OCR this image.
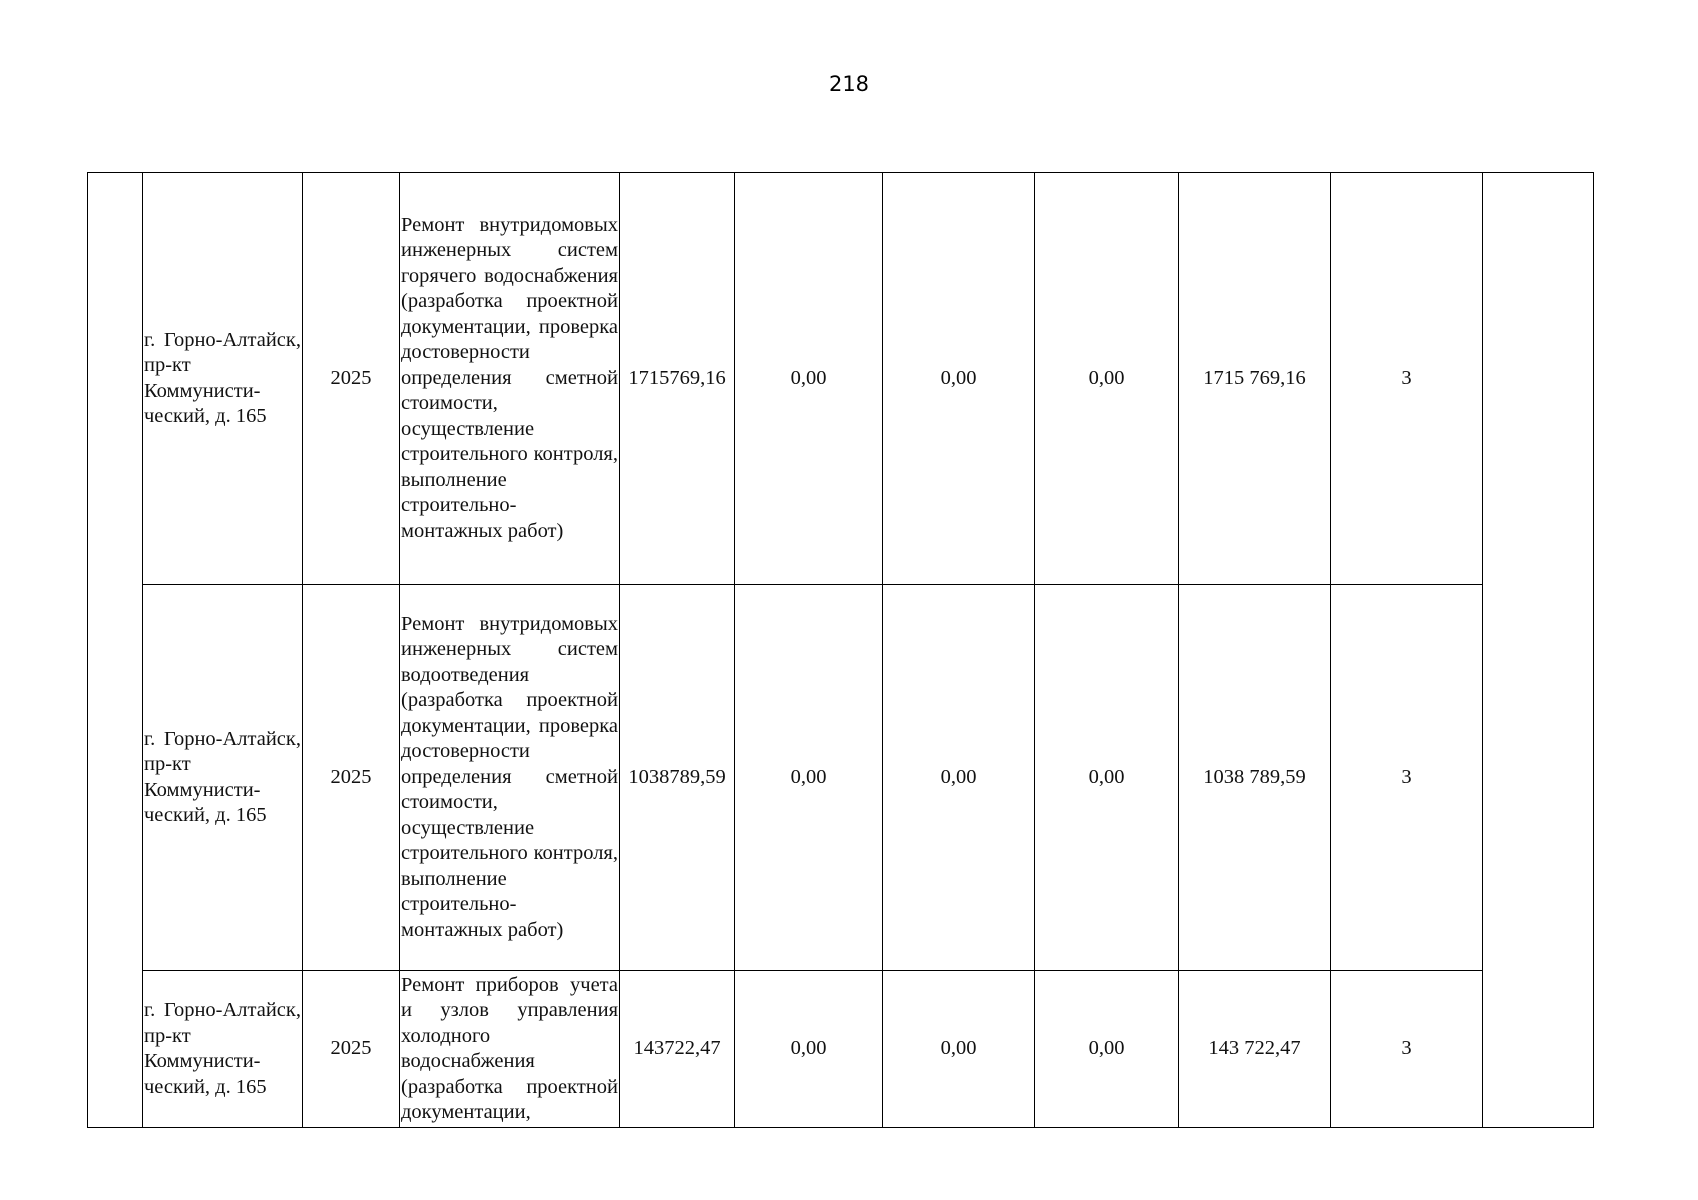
218
	г. Горно-Алтайск, пр-кт Коммунисти-ческий, д. 165	2025	Ремонт внутридомовых инженерных систем горячего водоснабжения (разработка проектной документации, проверка достоверности определения сметной стоимости, осуществление строительного контроля, выполнение строительно-монтажных работ)	1715769,16	0,00	0,00	0,00	1715 769,16	3	
	г. Горно-Алтайск, пр-кт Коммунисти-ческий, д. 165	2025	Ремонт внутридомовых инженерных систем водоотведения (разработка проектной документации, проверка достоверности определения сметной стоимости, осуществление строительного контроля, выполнение строительно-монтажных работ)	1038789,59	0,00	0,00	0,00	1038 789,59	3	
	г. Горно-Алтайск, пр-кт Коммунисти-ческий, д. 165	2025	Ремонт приборов учета и узлов управления холодного водоснабжения (разработка проектной документации,	143722,47	0,00	0,00	0,00	143 722,47	3	
